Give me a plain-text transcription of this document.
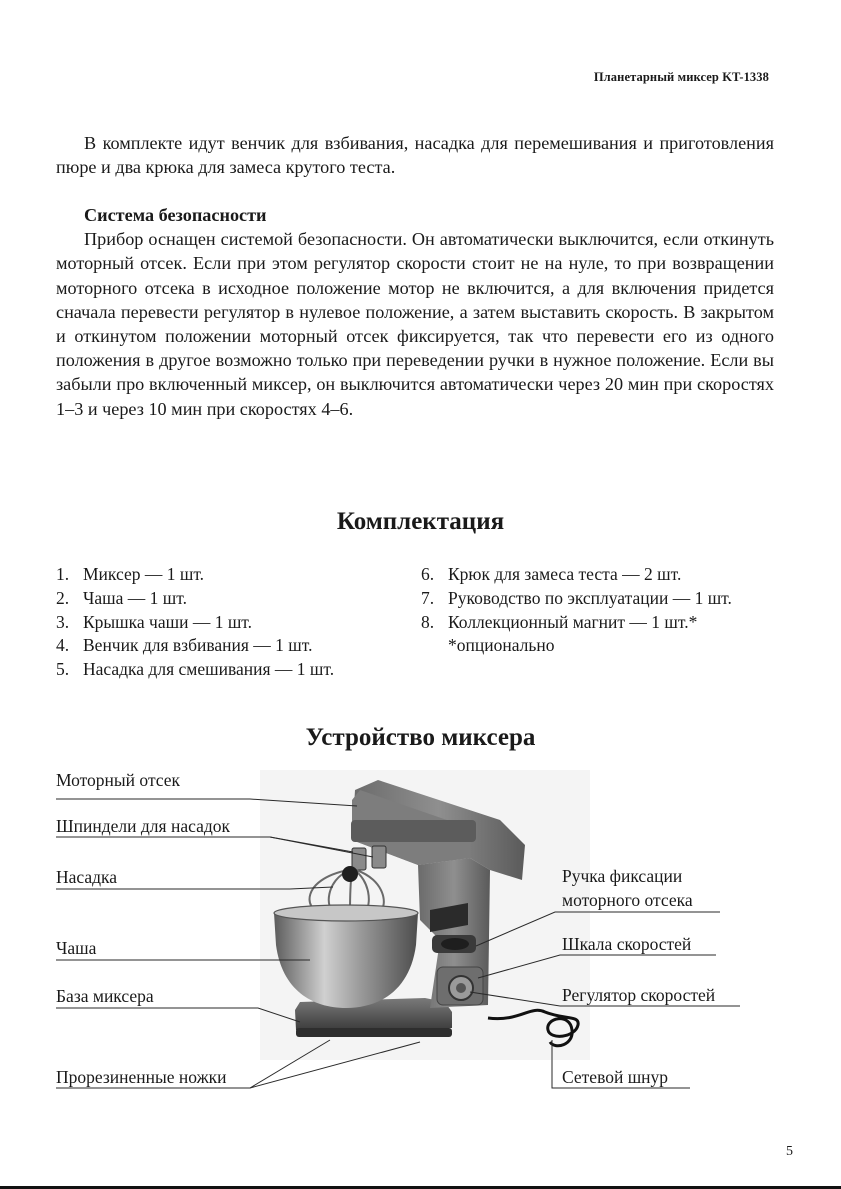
Планетарный миксер KT-1338

В комплекте идут венчик для взбивания, насадка для перемешивания и приготовления пюре и два крюка для замеса крутого теста.

Система безопасности

Прибор оснащен системой безопасности. Он автоматически выключится, если откинуть моторный отсек. Если при этом регулятор скорости стоит не на нуле, то при возвращении моторного отсека в исходное положение мотор не включится, а для включения придется сначала перевести регулятор в нулевое положение, а затем выставить скорость. В закрытом и откинутом положении моторный отсек фиксируется, так что перевести его из одного положения в другое возможно только при переведении ручки в нужное положение. Если вы забыли про включенный миксер, он выключится автоматически через 20 мин при скоростях 1–3 и через 10 мин при скоростях 4–6.

Комплектация
1. Миксер — 1 шт.
2. Чаша — 1 шт.
3. Крышка чаши — 1 шт.
4. Венчик для взбивания — 1 шт.
5. Насадка для смешивания — 1 шт.
6. Крюк для замеса теста — 2 шт.
7. Руководство по эксплуатации — 1 шт.
8. Коллекционный магнит — 1 шт.*
*опционально
Устройство миксера
Моторный отсек
Шпиндели для насадок
Насадка
Чаша
База миксера
Прорезиненные ножки
Ручка фиксации
моторного отсека
Шкала скоростей
Регулятор скоростей
Сетевой шнур
5
